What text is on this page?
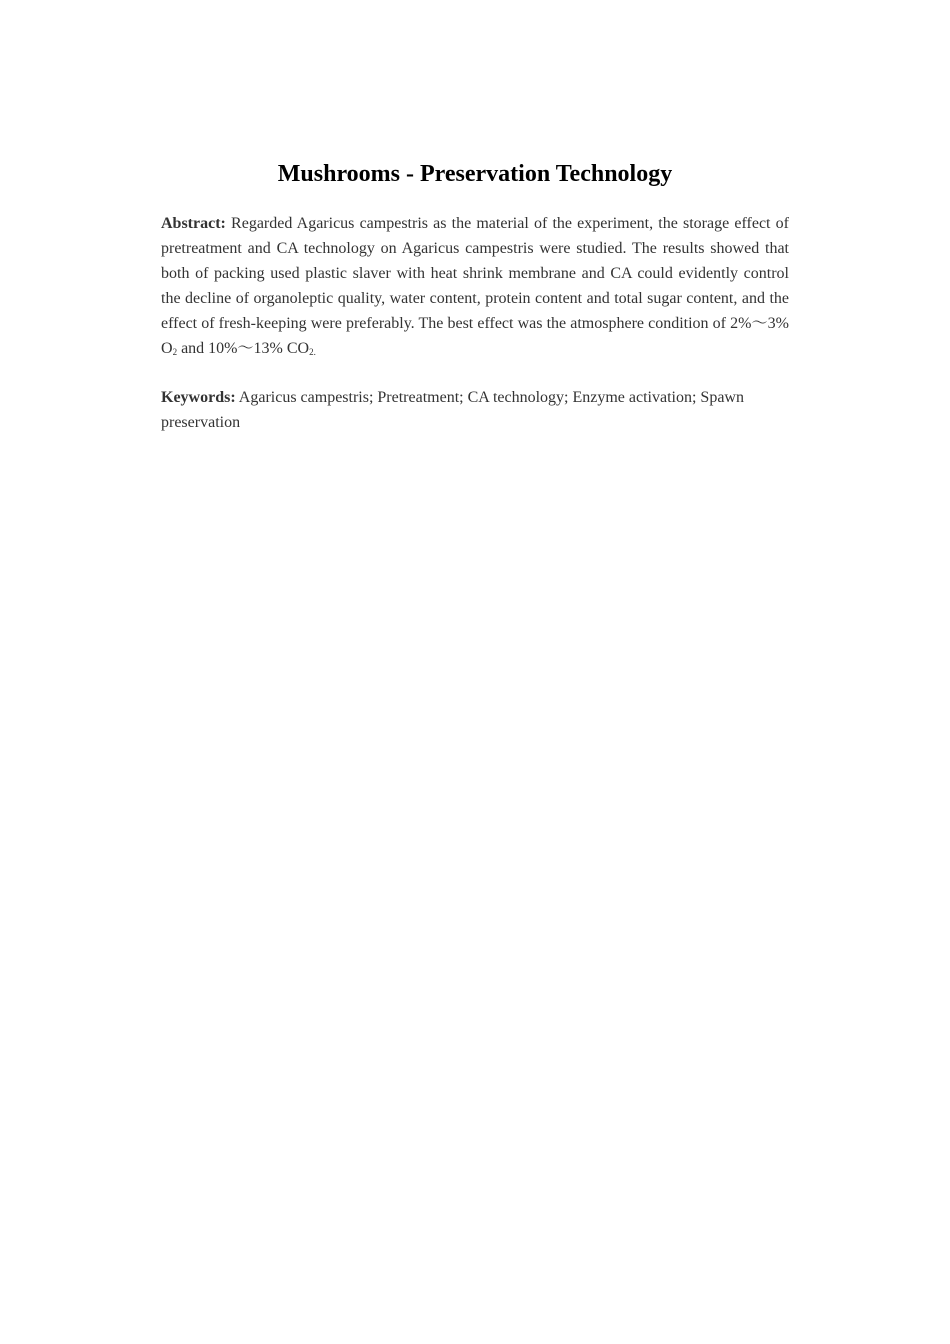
Mushrooms - Preservation Technology

Abstract: Regarded Agaricus campestris as the material of the experiment, the storage effect of pretreatment and CA technology on Agaricus campestris were studied. The results showed that both of packing used plastic slaver with heat shrink membrane and CA could evidently control the decline of organoleptic quality, water content, protein content and total sugar content, and the effect of fresh-keeping were preferably. The best effect was the atmosphere condition of 2%～3% $O_2$ and 10%～13% $CO_{2.}$

Keywords: Agaricus campestris; Pretreatment; CA technology; Enzyme activation; Spawn preservation
